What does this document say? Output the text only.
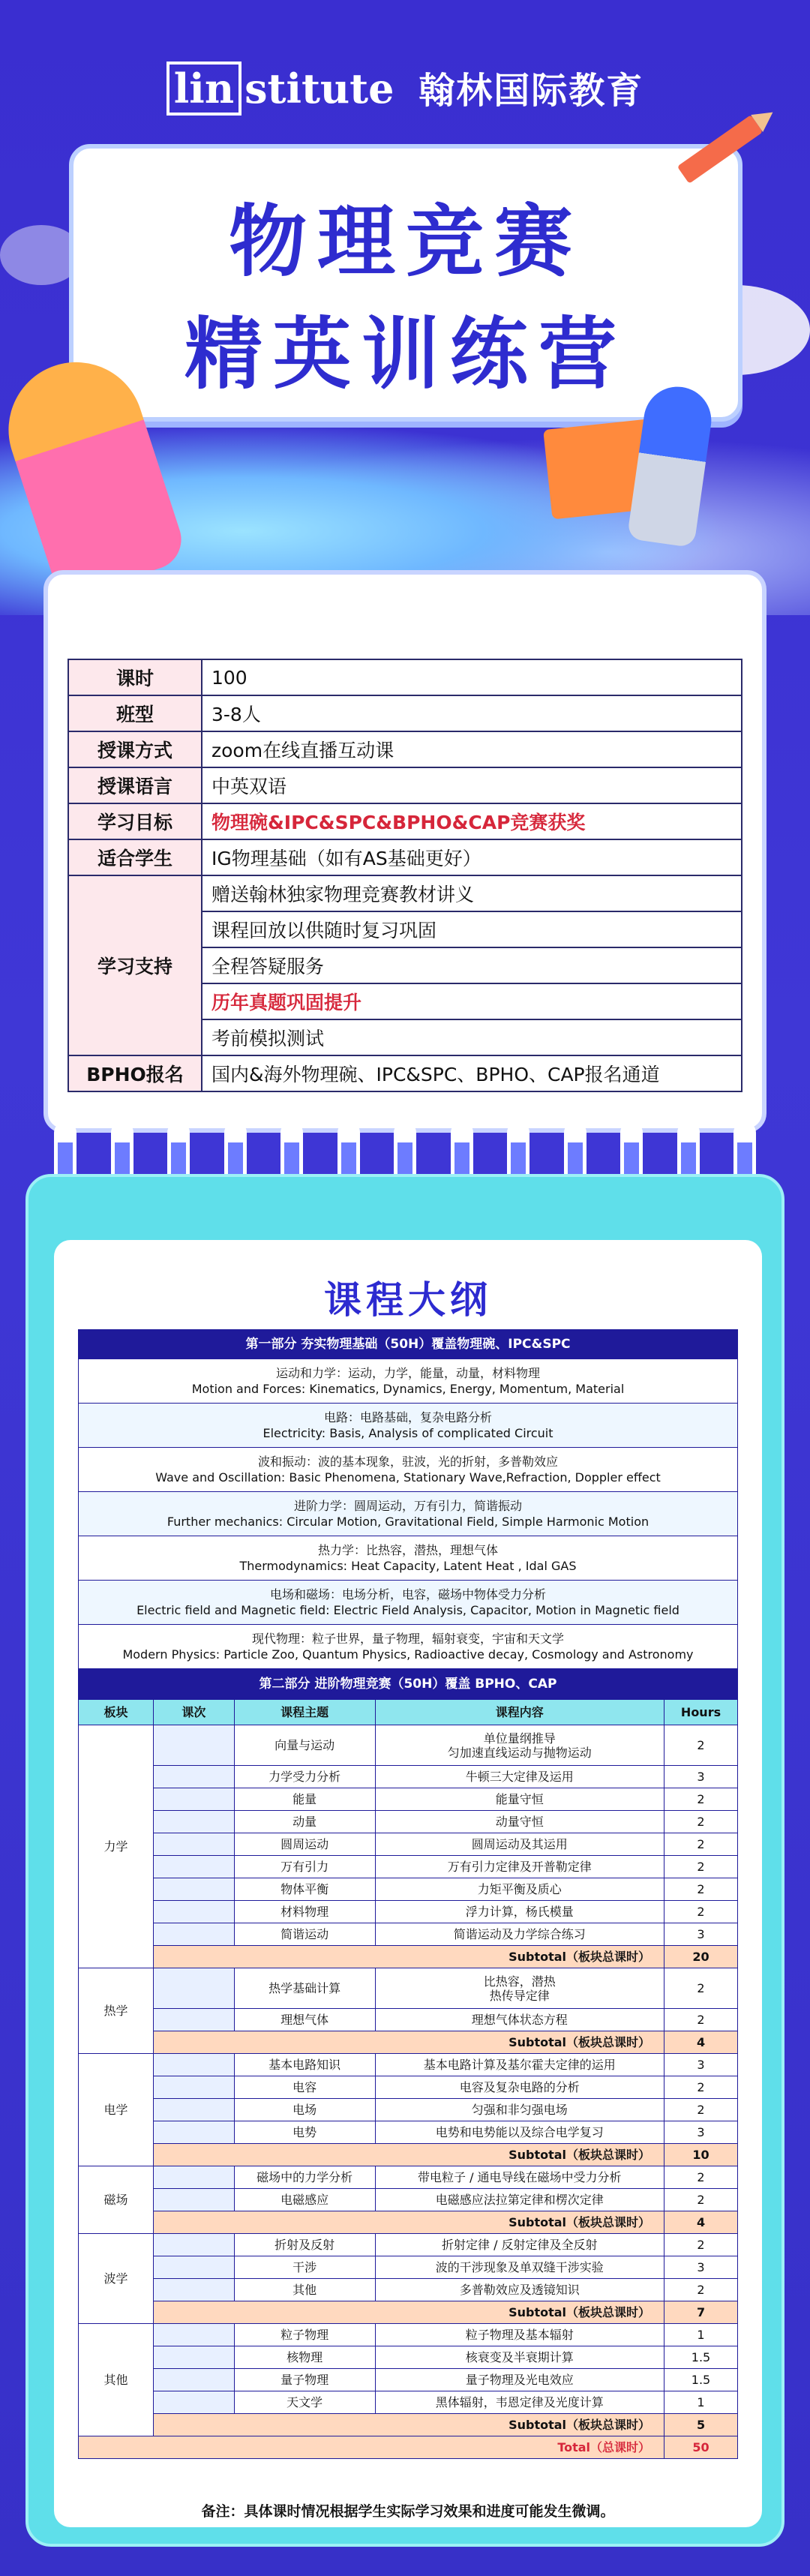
lin stitute 翰林国际教育
物理竞赛
精英训练营
课时	100
班型	3-8人
授课方式	zoom在线直播互动课
授课语言	中英双语
学习目标	物理碗&IPC&SPC&BPHO&CAP竞赛获奖
适合学生	IG物理基础（如有AS基础更好）
学习支持	赠送翰林独家物理竞赛教材讲义
	课程回放以供随时复习巩固
	全程答疑服务
	历年真题巩固提升
	考前模拟测试
BPHO报名	国内&海外物理碗、IPC&SPC、BPHO、CAP报名通道
课程大纲
第一部分 夯实物理基础（50H）覆盖物理碗、IPC&SPC
运动和力学：运动，力学，能量，动量，材料物理
Motion and Forces: Kinematics, Dynamics, Energy, Momentum, Material
电路：电路基础，复杂电路分析
Electricity: Basis, Analysis of complicated Circuit
波和振动：波的基本现象，驻波，光的折射，多普勒效应
Wave and Oscillation: Basic Phenomena, Stationary Wave,Refraction, Doppler effect
进阶力学：圆周运动，万有引力，简谐振动
Further mechanics: Circular Motion, Gravitational Field, Simple Harmonic Motion
热力学：比热容，潜热，理想气体
Thermodynamics: Heat Capacity, Latent Heat , Idal GAS
电场和磁场：电场分析，电容，磁场中物体受力分析
Electric field and Magnetic field: Electric Field Analysis, Capacitor, Motion in Magnetic field
现代物理：粒子世界，量子物理，辐射衰变，宇宙和天文学
Modern Physics: Particle Zoo, Quantum Physics, Radioactive decay, Cosmology and Astronomy
第二部分 进阶物理竞赛（50H）覆盖 BPHO、CAP
板块	课次	课程主题	课程内容	Hours
力学		向量与运动	单位量纲推导
匀加速直线运动与抛物运动	2
		力学受力分析	牛顿三大定律及运用	3
		能量	能量守恒	2
		动量	动量守恒	2
		圆周运动	圆周运动及其运用	2
		万有引力	万有引力定律及开普勒定律	2
		物体平衡	力矩平衡及质心	2
		材料物理	浮力计算，杨氏模量	2
		简谐运动	简谐运动及力学综合练习	3
	Subtotal（板块总课时）			20
热学		热学基础计算	比热容，潜热
热传导定律	2
		理想气体	理想气体状态方程	2
	Subtotal（板块总课时）			4
电学		基本电路知识	基本电路计算及基尔霍夫定律的运用	3
		电容	电容及复杂电路的分析	2
		电场	匀强和非匀强电场	2
		电势	电势和电势能以及综合电学复习	3
	Subtotal（板块总课时）			10
磁场		磁场中的力学分析	带电粒子 / 通电导线在磁场中受力分析	2
		电磁感应	电磁感应法拉第定律和楞次定律	2
	Subtotal（板块总课时）			4
波学		折射及反射	折射定律 / 反射定律及全反射	2
		干涉	波的干涉现象及单双缝干涉实验	3
		其他	多普勒效应及透镜知识	2
	Subtotal（板块总课时）			7
其他		粒子物理	粒子物理及基本辐射	1
		核物理	核衰变及半衰期计算	1.5
		量子物理	量子物理及光电效应	1.5
		天文学	黑体辐射，韦恩定律及光度计算	1
	Subtotal（板块总课时）			5
Total（总课时）				50
备注：具体课时情况根据学生实际学习效果和进度可能发生微调。
